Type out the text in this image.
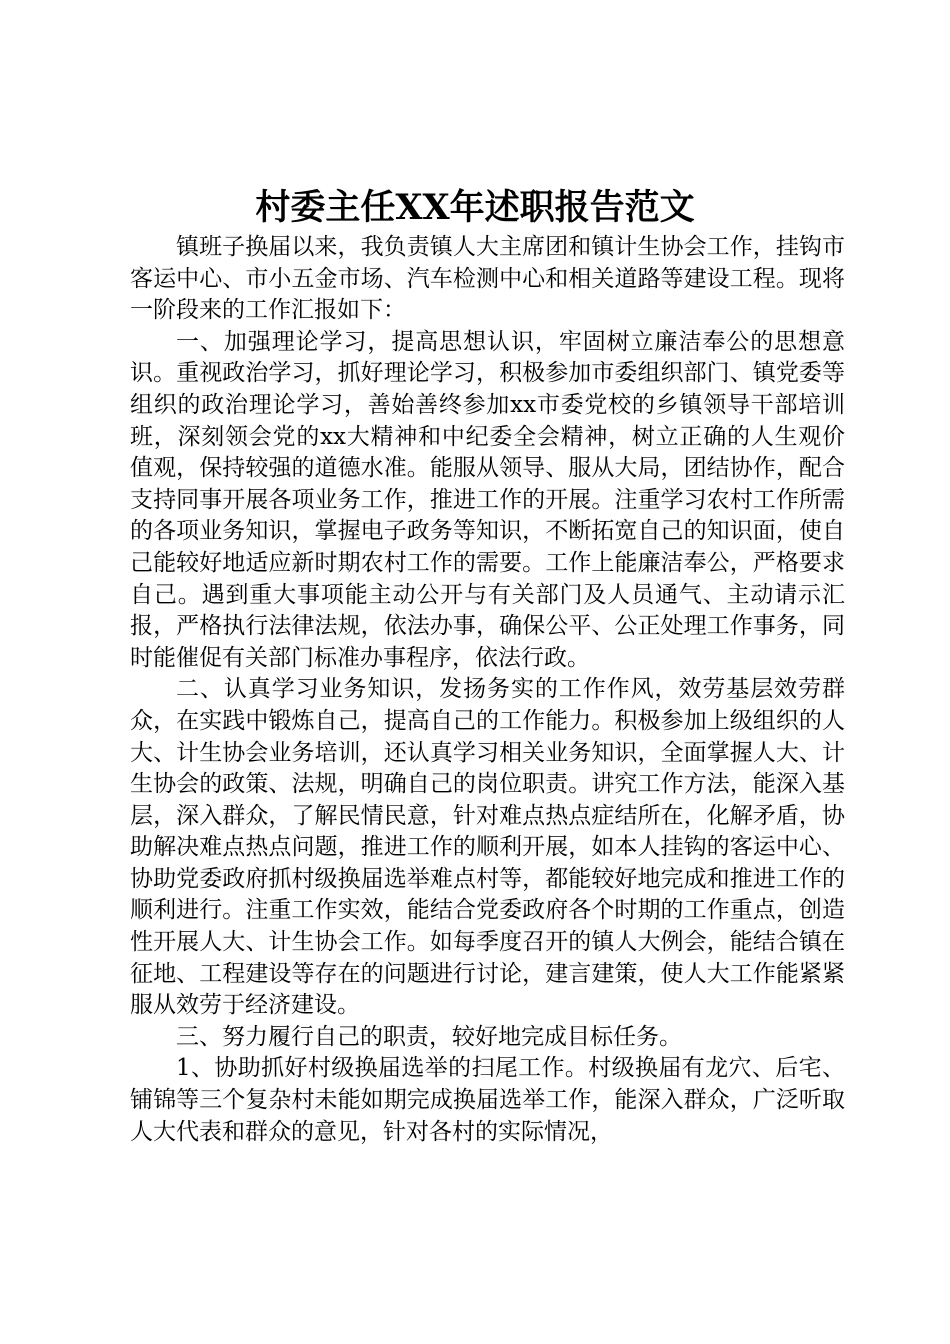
村委主任XX年述职报告范文

镇班子换届以来，我负责镇人大主席团和镇计生协会工作，挂钩市客运中心、市小五金市场、汽车检测中心和相关道路等建设工程。现将一阶段来的工作汇报如下：

一、加强理论学习，提高思想认识，牢固树立廉洁奉公的思想意识。重视政治学习，抓好理论学习，积极参加市委组织部门、镇党委等组织的政治理论学习，善始善终参加xx市委党校的乡镇领导干部培训班，深刻领会党的xx大精神和中纪委全会精神，树立正确的人生观价值观，保持较强的道德水准。能服从领导、服从大局，团结协作，配合支持同事开展各项业务工作，推进工作的开展。注重学习农村工作所需的各项业务知识，掌握电子政务等知识，不断拓宽自己的知识面，使自己能较好地适应新时期农村工作的需要。工作上能廉洁奉公，严格要求自己。遇到重大事项能主动公开与有关部门及人员通气、主动请示汇报，严格执行法律法规，依法办事，确保公平、公正处理工作事务，同时能催促有关部门标准办事程序，依法行政。

二、认真学习业务知识，发扬务实的工作作风，效劳基层效劳群众，在实践中锻炼自己，提高自己的工作能力。积极参加上级组织的人大、计生协会业务培训，还认真学习相关业务知识，全面掌握人大、计生协会的政策、法规，明确自己的岗位职责。讲究工作方法，能深入基层，深入群众，了解民情民意，针对难点热点症结所在，化解矛盾，协助解决难点热点问题，推进工作的顺利开展，如本人挂钩的客运中心、协助党委政府抓村级换届选举难点村等，都能较好地完成和推进工作的顺利进行。注重工作实效，能结合党委政府各个时期的工作重点，创造性开展人大、计生协会工作。如每季度召开的镇人大例会，能结合镇在征地、工程建设等存在的问题进行讨论，建言建策，使人大工作能紧紧服从效劳于经济建设。

三、努力履行自己的职责，较好地完成目标任务。

1、协助抓好村级换届选举的扫尾工作。村级换届有龙穴、后宅、铺锦等三个复杂村未能如期完成换届选举工作，能深入群众，广泛听取人大代表和群众的意见，针对各村的实际情况，
